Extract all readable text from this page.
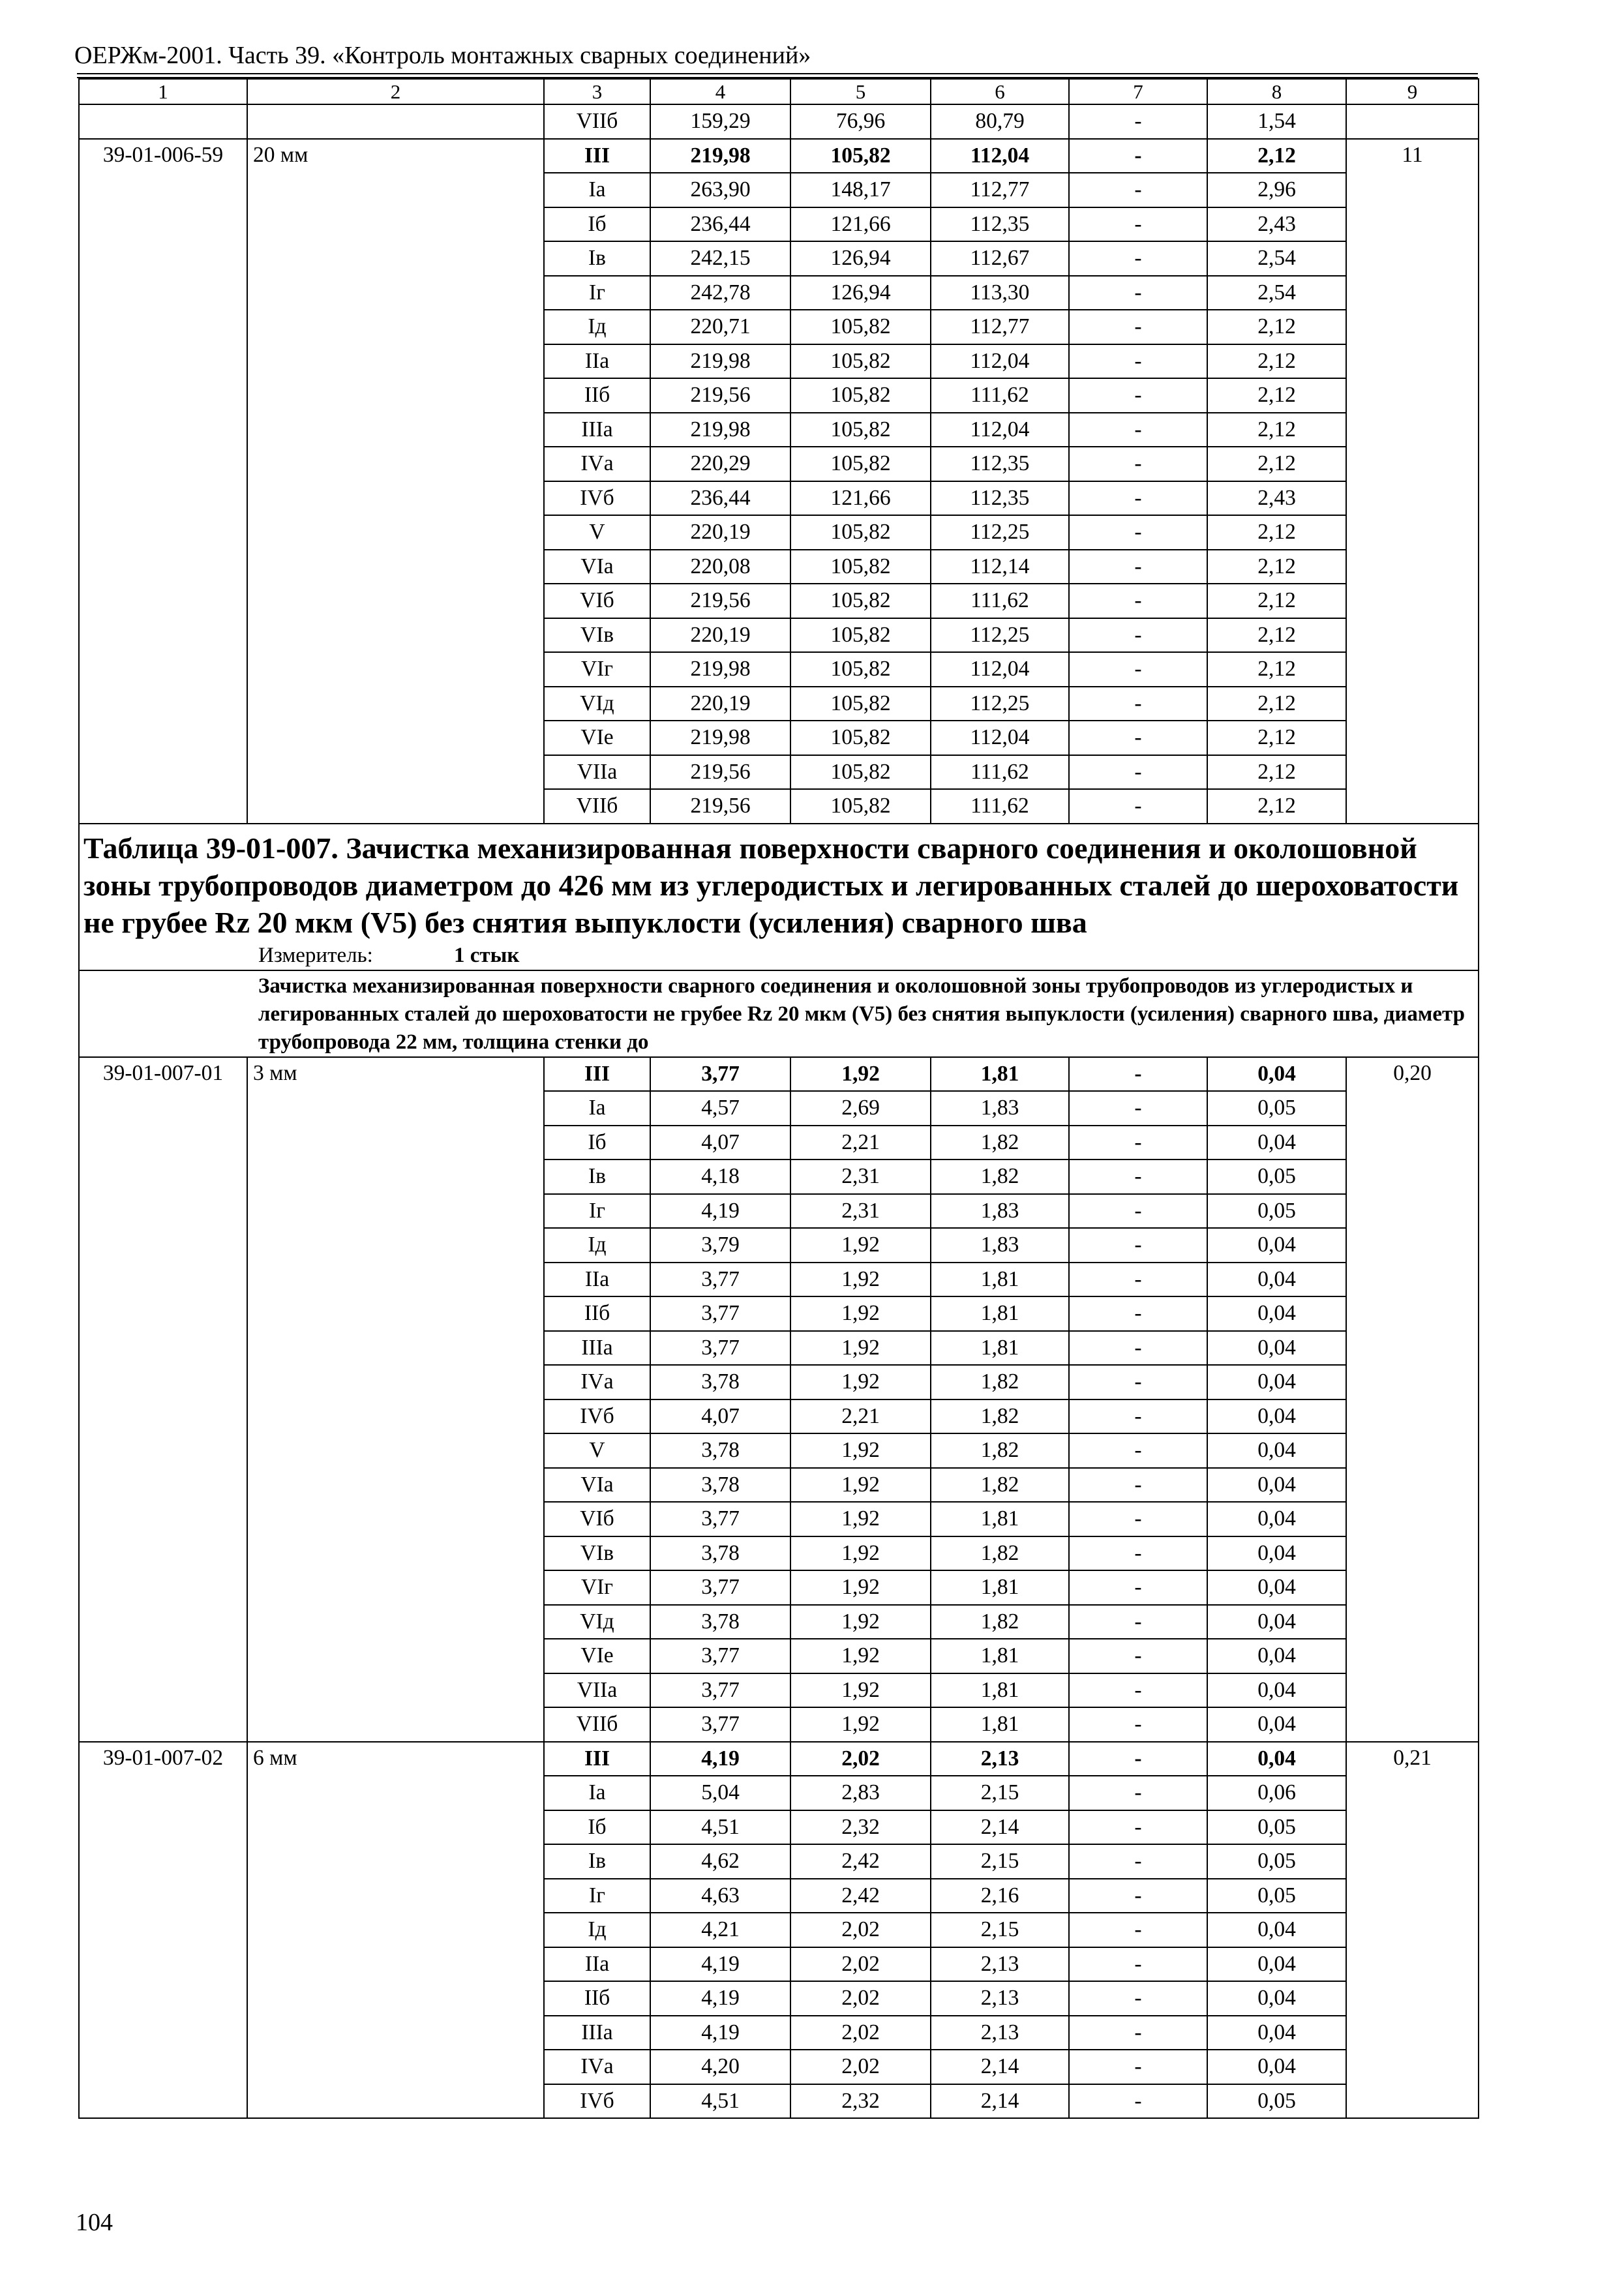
ОЕРЖм-2001. Часть 39. «Контроль монтажных сварных соединений»
1	2	3	4	5	6	7	8	9
		VIIб	159,29	76,96	80,79	-	1,54	
39-01-006-59	20 мм	III	219,98	105,82	112,04	-	2,12	11
		Iа	263,90	148,17	112,77	-	2,96	
		Iб	236,44	121,66	112,35	-	2,43	
		Iв	242,15	126,94	112,67	-	2,54	
		Iг	242,78	126,94	113,30	-	2,54	
		Iд	220,71	105,82	112,77	-	2,12	
		IIа	219,98	105,82	112,04	-	2,12	
		IIб	219,56	105,82	111,62	-	2,12	
		IIIа	219,98	105,82	112,04	-	2,12	
		IVа	220,29	105,82	112,35	-	2,12	
		IVб	236,44	121,66	112,35	-	2,43	
		V	220,19	105,82	112,25	-	2,12	
		VIа	220,08	105,82	112,14	-	2,12	
		VIб	219,56	105,82	111,62	-	2,12	
		VIв	220,19	105,82	112,25	-	2,12	
		VIг	219,98	105,82	112,04	-	2,12	
		VIд	220,19	105,82	112,25	-	2,12	
		VIе	219,98	105,82	112,04	-	2,12	
		VIIа	219,56	105,82	111,62	-	2,12	
		VIIб	219,56	105,82	111,62	-	2,12	

Таблица 39-01-007. Зачистка механизированная поверхности сварного соединения и околошовной зоны трубопроводов диаметром до 426 мм из углеродистых и легированных сталей до шероховатости не грубее Rz 20 мкм (V5) без снятия выпуклости (усиления) сварного шва
Измеритель: 1 стык								

Зачистка механизированная поверхности сварного соединения и околошовной зоны трубопроводов из углеродистых и легированных сталей до шероховатости не грубее Rz 20 мкм (V5) без снятия выпуклости (усиления) сварного шва, диаметр трубопровода 22 мм, толщина стенки до								

39-01-007-01	3 мм	III	3,77	1,92	1,81	-	0,04	0,20
		Iа	4,57	2,69	1,83	-	0,05	
		Iб	4,07	2,21	1,82	-	0,04	
		Iв	4,18	2,31	1,82	-	0,05	
		Iг	4,19	2,31	1,83	-	0,05	
		Iд	3,79	1,92	1,83	-	0,04	
		IIа	3,77	1,92	1,81	-	0,04	
		IIб	3,77	1,92	1,81	-	0,04	
		IIIа	3,77	1,92	1,81	-	0,04	
		IVа	3,78	1,92	1,82	-	0,04	
		IVб	4,07	2,21	1,82	-	0,04	
		V	3,78	1,92	1,82	-	0,04	
		VIа	3,78	1,92	1,82	-	0,04	
		VIб	3,77	1,92	1,81	-	0,04	
		VIв	3,78	1,92	1,82	-	0,04	
		VIг	3,77	1,92	1,81	-	0,04	
		VIд	3,78	1,92	1,82	-	0,04	
		VIе	3,77	1,92	1,81	-	0,04	
		VIIа	3,77	1,92	1,81	-	0,04	
		VIIб	3,77	1,92	1,81	-	0,04	
39-01-007-02	6 мм	III	4,19	2,02	2,13	-	0,04	0,21
		Iа	5,04	2,83	2,15	-	0,06	
		Iб	4,51	2,32	2,14	-	0,05	
		Iв	4,62	2,42	2,15	-	0,05	
		Iг	4,63	2,42	2,16	-	0,05	
		Iд	4,21	2,02	2,15	-	0,04	
		IIа	4,19	2,02	2,13	-	0,04	
		IIб	4,19	2,02	2,13	-	0,04	
		IIIа	4,19	2,02	2,13	-	0,04	
		IVа	4,20	2,02	2,14	-	0,04	
		IVб	4,51	2,32	2,14	-	0,05	
104
